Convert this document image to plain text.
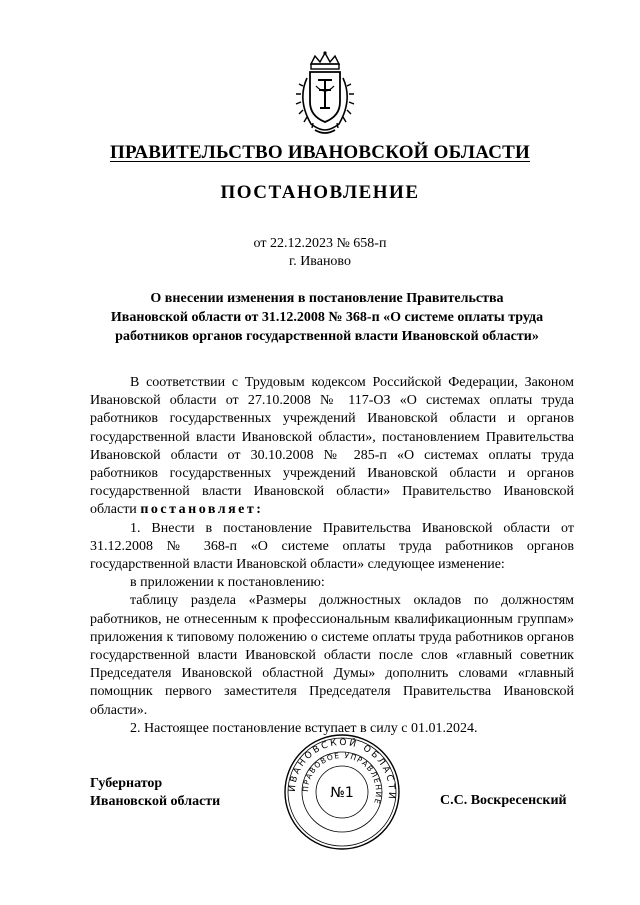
ПРАВИТЕЛЬСТВО ИВАНОВСКОЙ ОБЛАСТИ
ПОСТАНОВЛЕНИЕ
от 22.12.2023 № 658-п
г. Иваново
О внесении изменения в постановление Правительства
Ивановской области от 31.12.2008 № 368-п «О системе оплаты труда
работников органов государственной власти Ивановской области»

В соответствии с Трудовым кодексом Российской Федерации, Законом Ивановской области от 27.10.2008 № 117-ОЗ «О системах оплаты труда работников государственных учреждений Ивановской области и органов государственной власти Ивановской области», постановлением Правительства Ивановской области от 30.10.2008 № 285-п «О системах оплаты труда работников государственных учреждений Ивановской области и органов государственной власти Ивановской области» Правительство Ивановской области постановляет:

1. Внести в постановление Правительства Ивановской области от 31.12.2008 № 368-п «О системе оплаты труда работников органов государственной власти Ивановской области» следующее изменение:

в приложении к постановлению:

таблицу раздела «Размеры должностных окладов по должностям работников, не отнесенным к профессиональным квалификационным группам» приложения к типовому положению о системе оплаты труда работников органов государственной власти Ивановской области после слов «главный советник Председателя Ивановской областной Думы» дополнить словами «главный помощник первого заместителя Председателя Правительства Ивановской области».

2. Настоящее постановление вступает в силу с 01.01.2024.

Губернатор
Ивановской области
ИВАНОВСКОЙ ОБЛАСТИ
ПРАВОВОЕ УПРАВЛЕНИЕ
№1	С.С. Воскресенский
